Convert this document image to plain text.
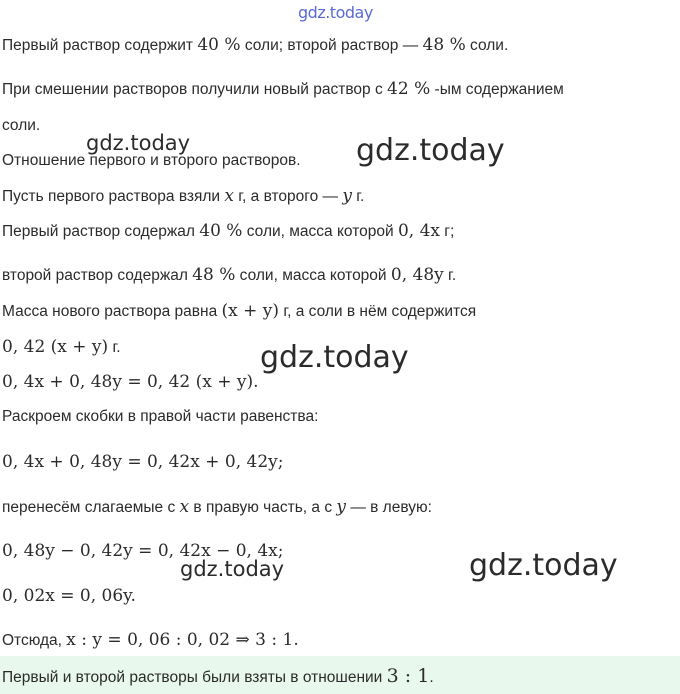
gdz.today
gdz.today	gdz.today
gdz.today
gdz.today	gdz.today
Первый раствор содержит 40 % соли; второй раствор — 48 % соли.
При смешении растворов получили новый раствор с 42 % -ым содержанием
соли.
Отношение первого и второго растворов.
Пусть первого раствора взяли x г, а второго — y г.
Первый раствор содержал 40 % соли, масса которой 0, 4x г;
второй раствор содержал 48 % соли, масса которой 0, 48y г.
Масса нового раствора равна (x + y) г, а соли в нём содержится
0, 42 (x + y) г.
0, 4x + 0, 48y = 0, 42 (x + y).
Раскроем скобки в правой части равенства:
0, 4x + 0, 48y = 0, 42x + 0, 42y;
перенесём слагаемые с x в правую часть, а с y — в левую:
0, 48y − 0, 42y = 0, 42x − 0, 4x;
0, 02x = 0, 06y.
Отсюда, x : y = 0, 06 : 0, 02 ⇒ 3 : 1.
Первый и второй растворы были взяты в отношении 3 : 1.
